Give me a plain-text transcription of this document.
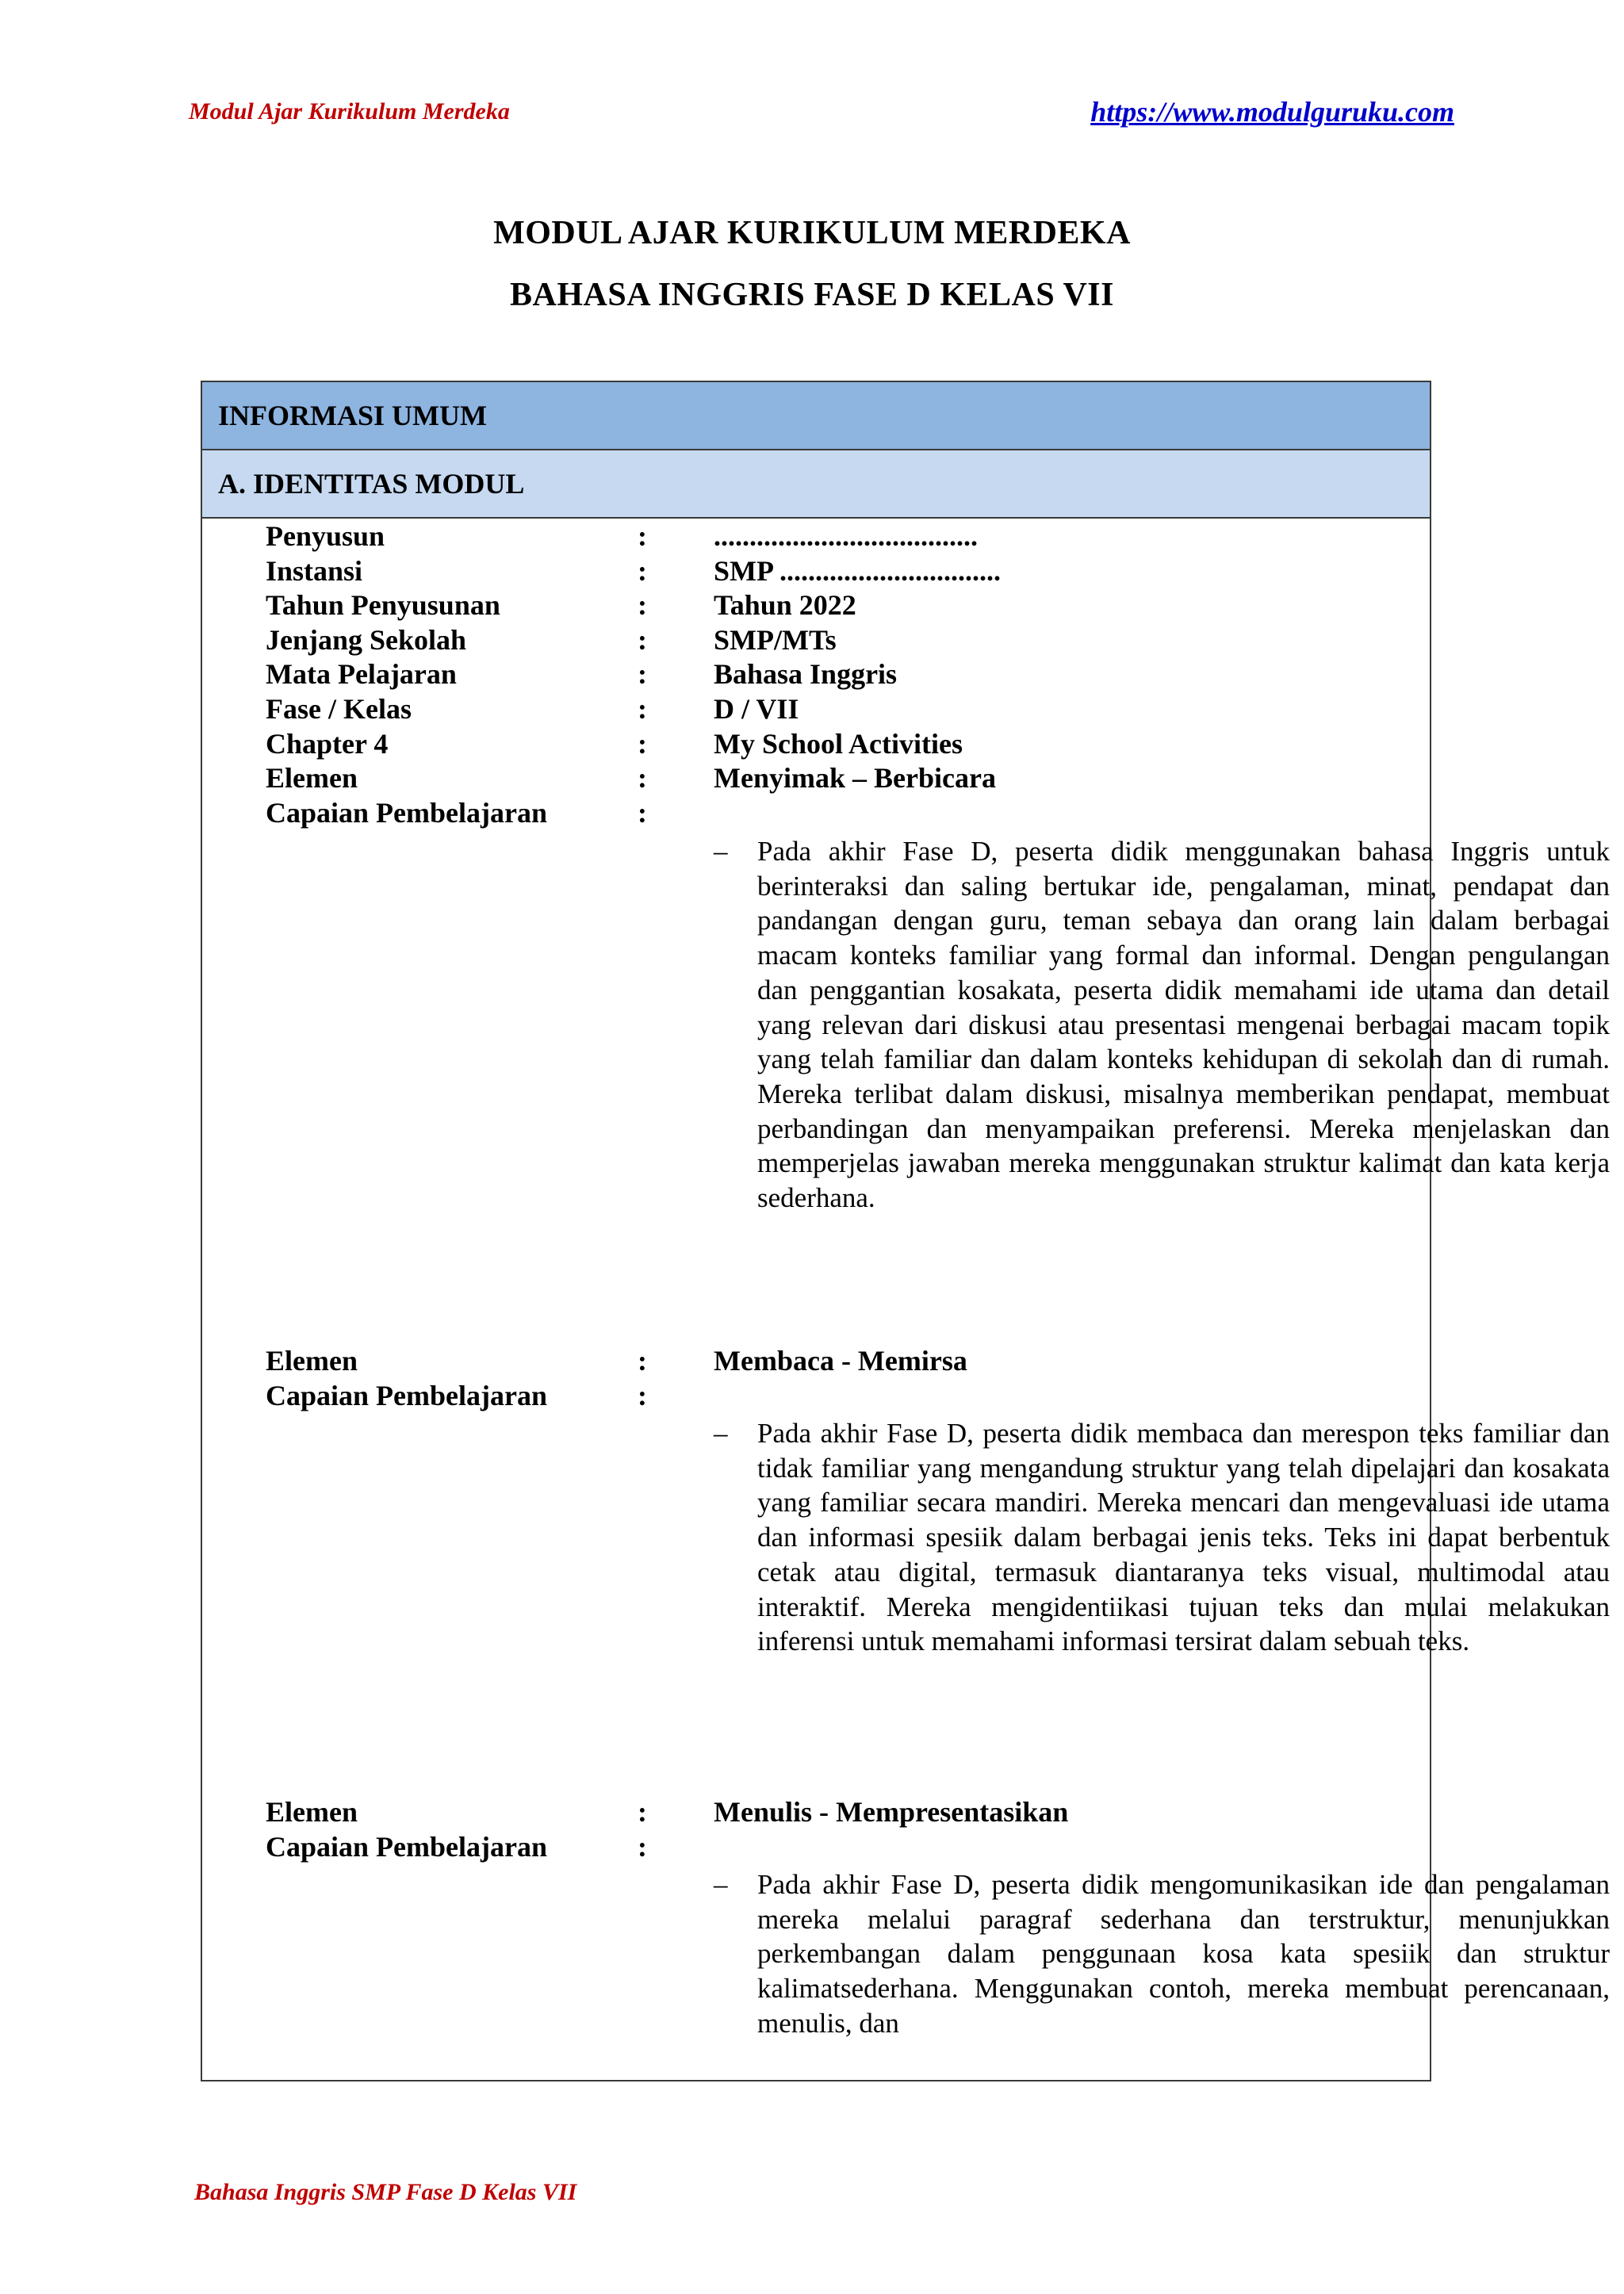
Modul Ajar Kurikulum Merdeka	https://www.modulguruku.com
MODUL AJAR KURIKULUM MERDEKA
BAHASA INGGRIS FASE D KELAS VII
INFORMASI UMUM
A. IDENTITAS MODUL
Penyusun	: .....................................
Instansi	: SMP ...............................
Tahun Penyusunan	: Tahun 2022
Jenjang Sekolah	: SMP/MTs
Mata Pelajaran	: Bahasa Inggris
Fase / Kelas	: D / VII
Chapter 4	: My School Activities
Elemen	: Menyimak – Berbicara
Capaian Pembelajaran	:
– Pada akhir Fase D, peserta didik menggunakan bahasa Inggris untuk berinteraksi dan saling bertukar ide, pengalaman, minat, pendapat dan pandangan dengan guru, teman sebaya dan orang lain dalam berbagai macam konteks familiar yang formal dan informal. Dengan pengulangan dan penggantian kosakata, peserta didik memahami ide utama dan detail yang relevan dari diskusi atau presentasi mengenai berbagai macam topik yang telah familiar dan dalam konteks kehidupan di sekolah dan di rumah. Mereka terlibat dalam diskusi, misalnya memberikan pendapat, membuat perbandingan dan menyampaikan preferensi. Mereka menjelaskan dan memperjelas jawaban mereka menggunakan struktur kalimat dan kata kerja sederhana.
Elemen	: Membaca - Memirsa
Capaian Pembelajaran	:
– Pada akhir Fase D, peserta didik membaca dan merespon teks familiar dan tidak familiar yang mengandung struktur yang telah dipelajari dan kosakata yang familiar secara mandiri. Mereka mencari dan mengevaluasi ide utama dan informasi spesiik dalam berbagai jenis teks. Teks ini dapat berbentuk cetak atau digital, termasuk diantaranya teks visual, multimodal atau interaktif. Mereka mengidentiikasi tujuan teks dan mulai melakukan inferensi untuk memahami informasi tersirat dalam sebuah teks.
Elemen	: Menulis - Mempresentasikan
Capaian Pembelajaran	:
– Pada akhir Fase D, peserta didik mengomunikasikan ide dan pengalaman mereka melalui paragraf sederhana dan terstruktur, menunjukkan perkembangan dalam penggunaan kosa kata spesiik dan struktur kalimatsederhana. Menggunakan contoh, mereka membuat perencanaan, menulis, dan
Bahasa Inggris SMP Fase D Kelas VII
